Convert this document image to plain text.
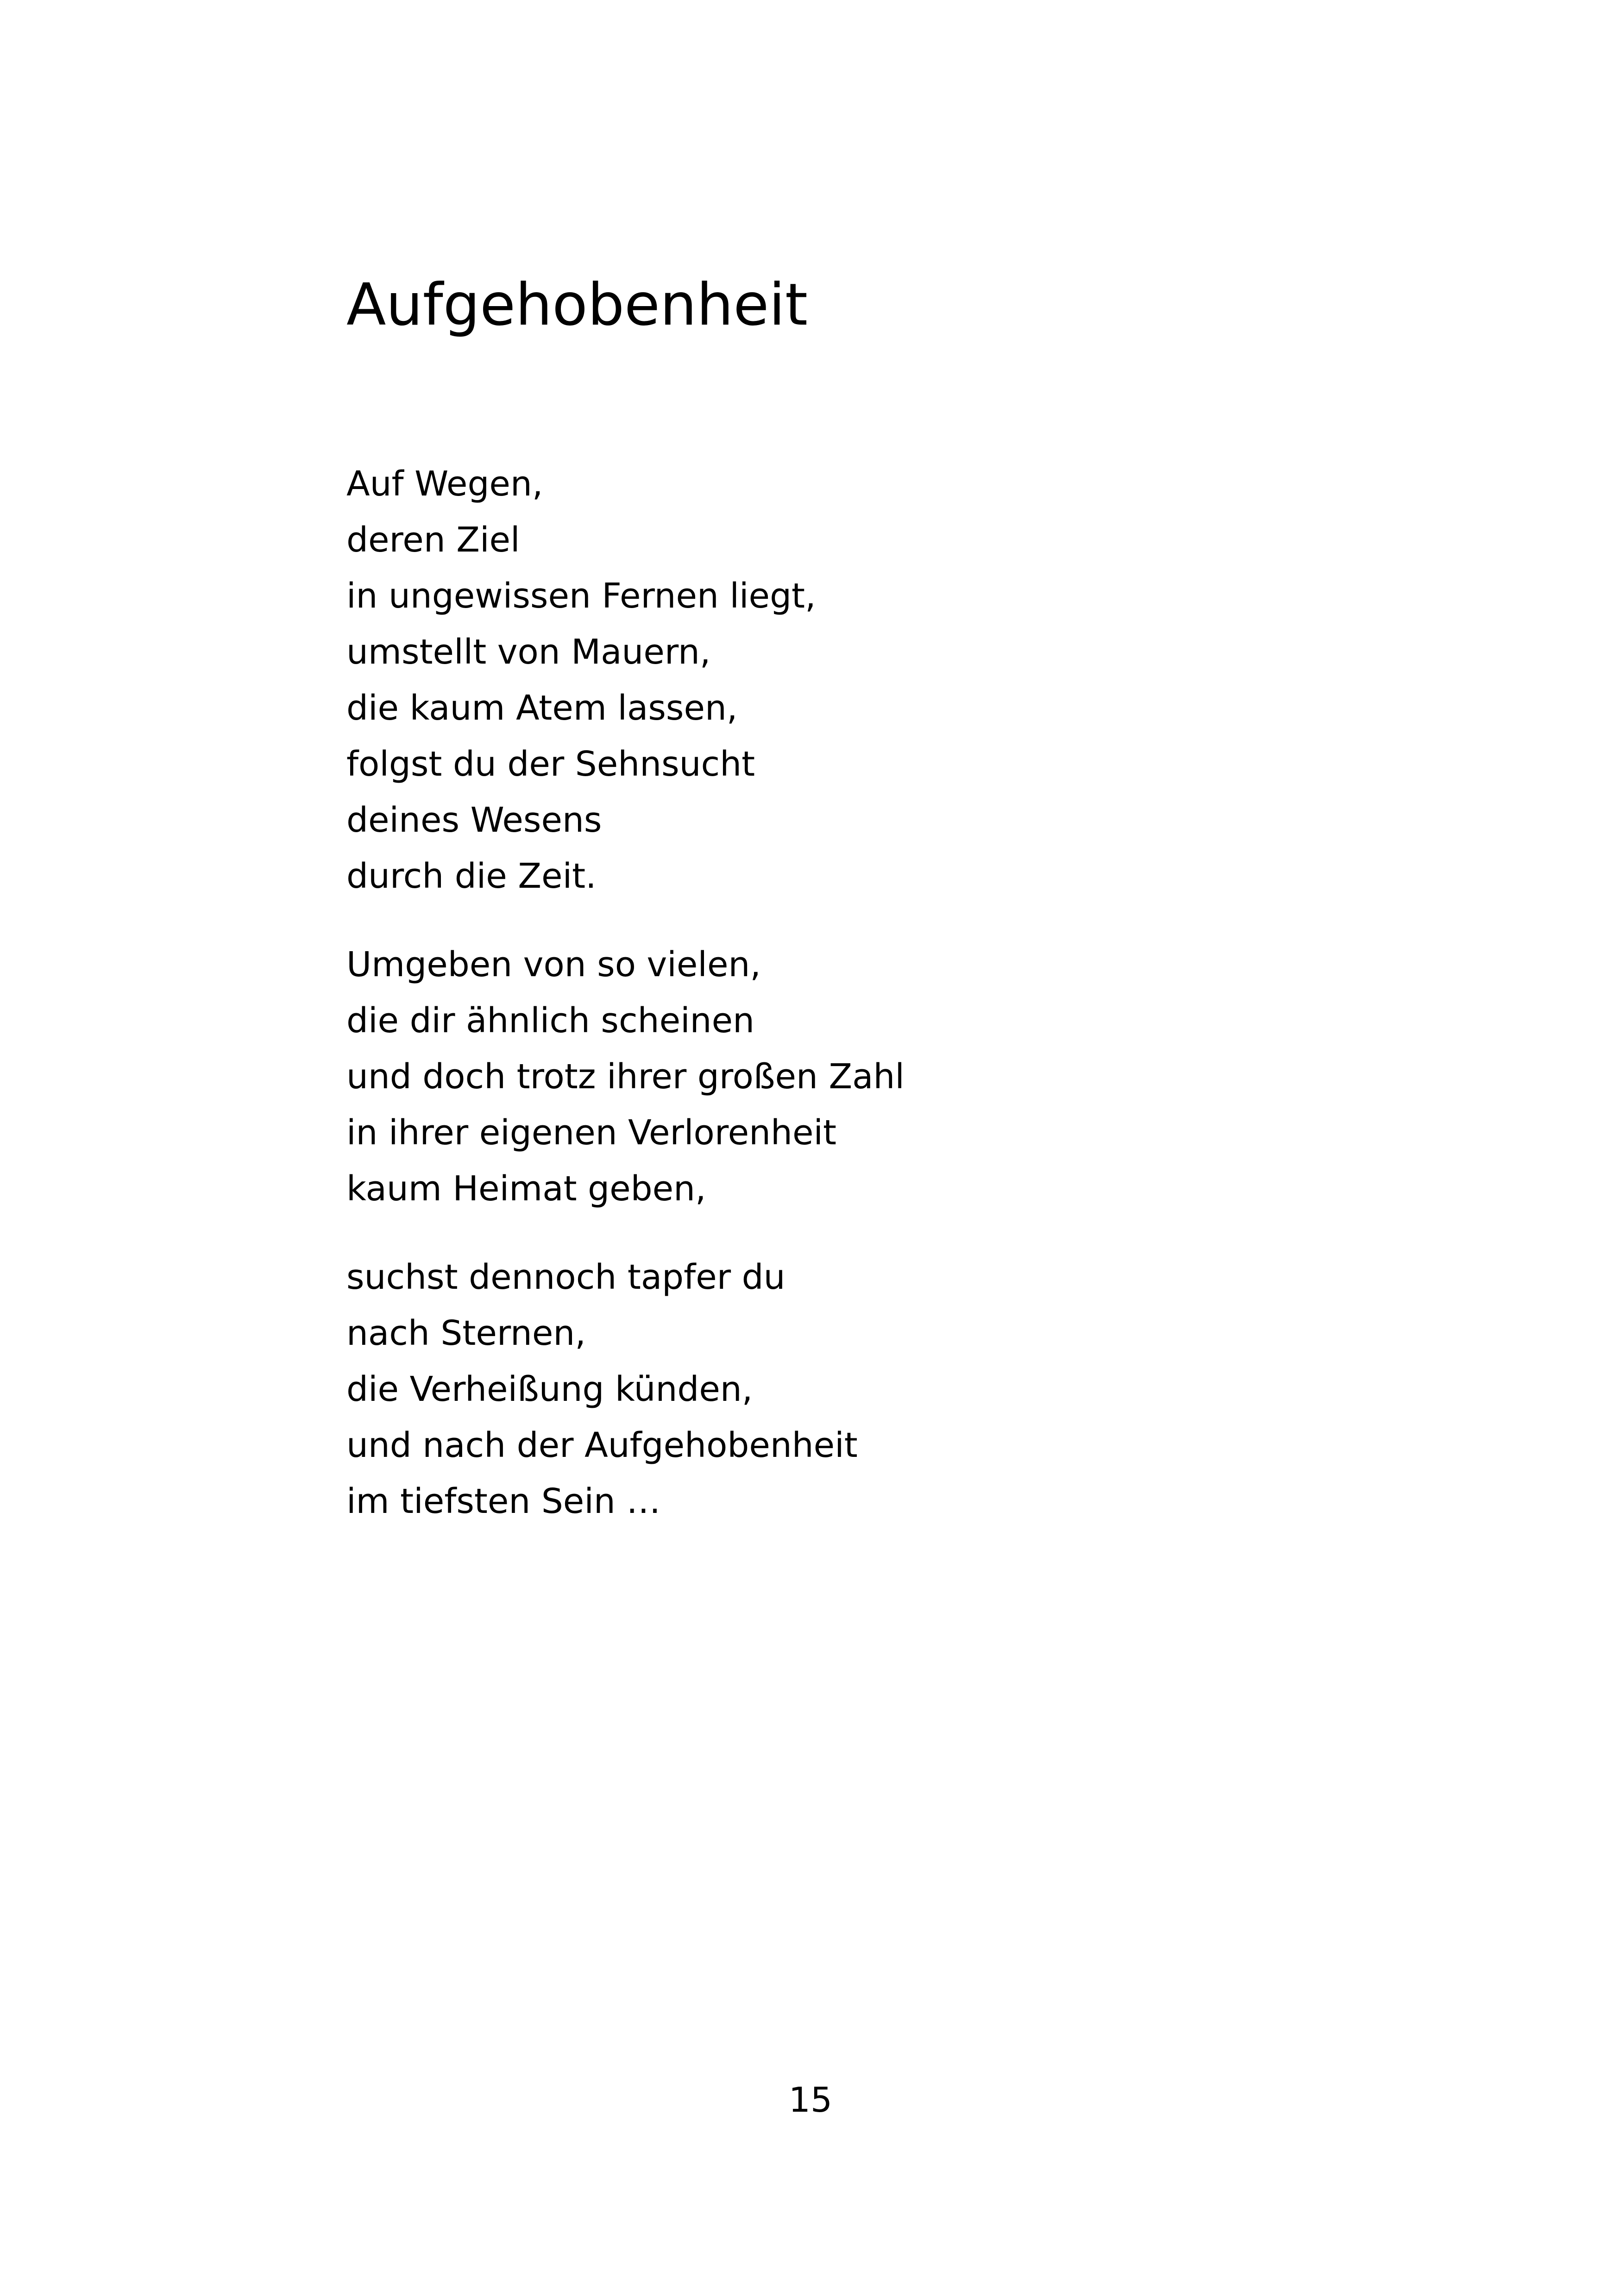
Aufgehobenheit
Auf Wegen,
deren Ziel
in ungewissen Fernen liegt,
umstellt von Mauern,
die kaum Atem lassen,
folgst du der Sehnsucht
deines Wesens
durch die Zeit.
Umgeben von so vielen,
die dir ähnlich scheinen
und doch trotz ihrer großen Zahl
in ihrer eigenen Verlorenheit
kaum Heimat geben,
suchst dennoch tapfer du
nach Sternen,
die Verheißung künden,
und nach der Aufgehobenheit
im tiefsten Sein …
15
